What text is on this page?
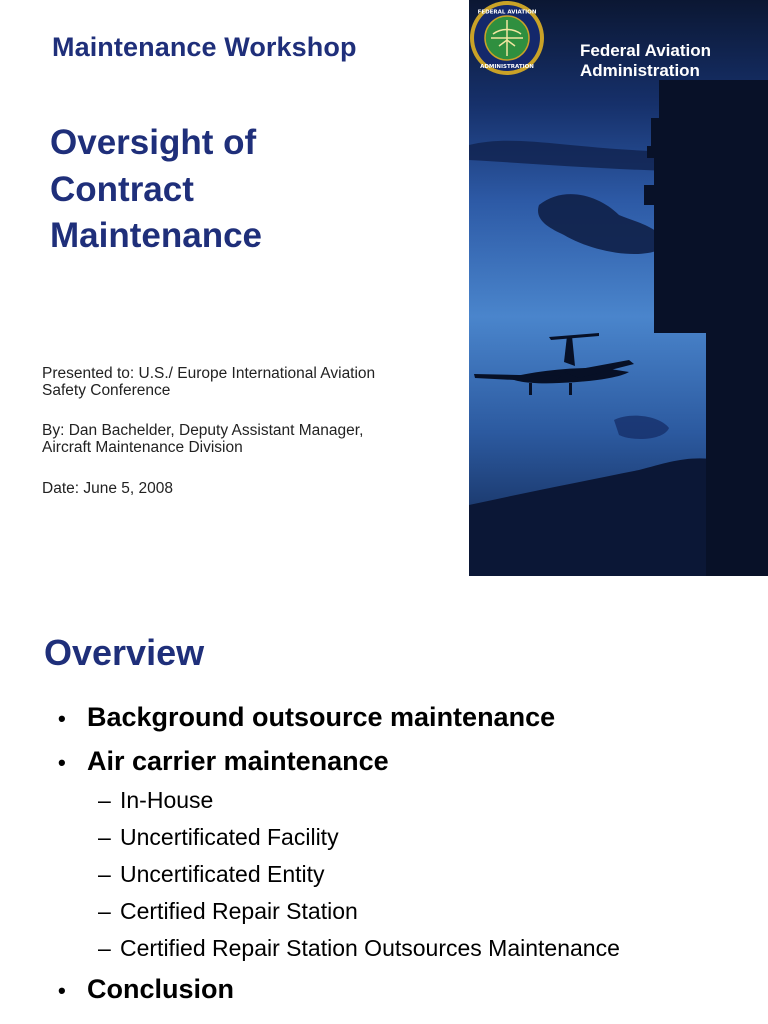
Maintenance Workshop
Oversight of
Contract
Maintenance
Presented to: U.S./ Europe International Aviation
Safety Conference
By: Dan Bachelder, Deputy Assistant Manager,
Aircraft Maintenance Division
Date: June 5, 2008
FEDERAL AVIATION
ADMINISTRATION
Federal Aviation
Administration
Overview
• Background outsource maintenance
• Air carrier maintenance
– In-House
– Uncertificated Facility
– Uncertificated Entity
– Certified Repair Station
– Certified Repair Station Outsources Maintenance
• Conclusion
